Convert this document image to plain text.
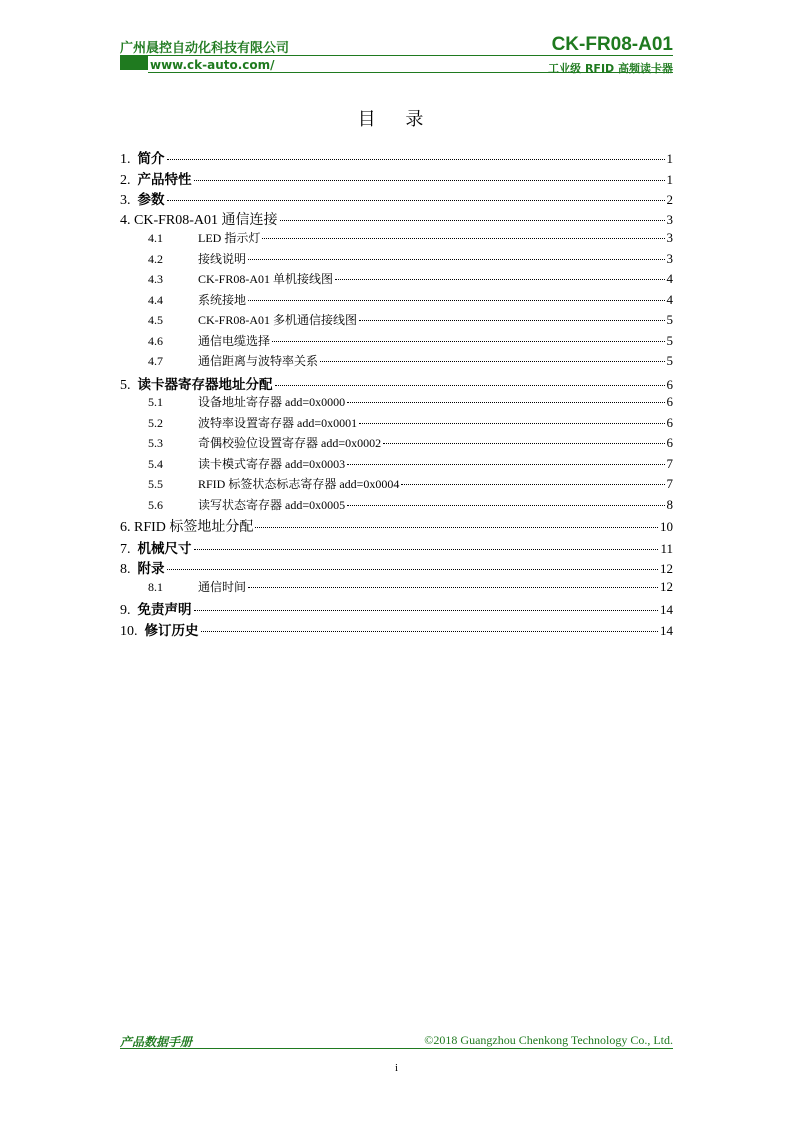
广州晨控自动化科技有限公司	CK-FR08-A01
www.ck-auto.com/	工业级 RFID 高频读卡器
目 录
1. 简介	1
2. 产品特性	1
3. 参数	2
4. CK-FR08-A01 通信连接	3
4.1	LED 指示灯	3
4.2	接线说明	3
4.3	CK-FR08-A01 单机接线图	4
4.4	系统接地	4
4.5	CK-FR08-A01 多机通信接线图	5
4.6	通信电缆选择	5
4.7	通信距离与波特率关系	5
5. 读卡器寄存器地址分配	6
5.1	设备地址寄存器 add=0x0000	6
5.2	波特率设置寄存器 add=0x0001	6
5.3	奇偶校验位设置寄存器 add=0x0002	6
5.4	读卡模式寄存器 add=0x0003	7
5.5	RFID 标签状态标志寄存器 add=0x0004	7
5.6	读写状态寄存器 add=0x0005	8
6. RFID 标签地址分配	10
7. 机械尺寸	11
8. 附录	12
8.1	通信时间	12
9. 免责声明	14
10. 修订历史	14
产品数据手册	©2018 Guangzhou Chenkong Technology Co., Ltd.
i
